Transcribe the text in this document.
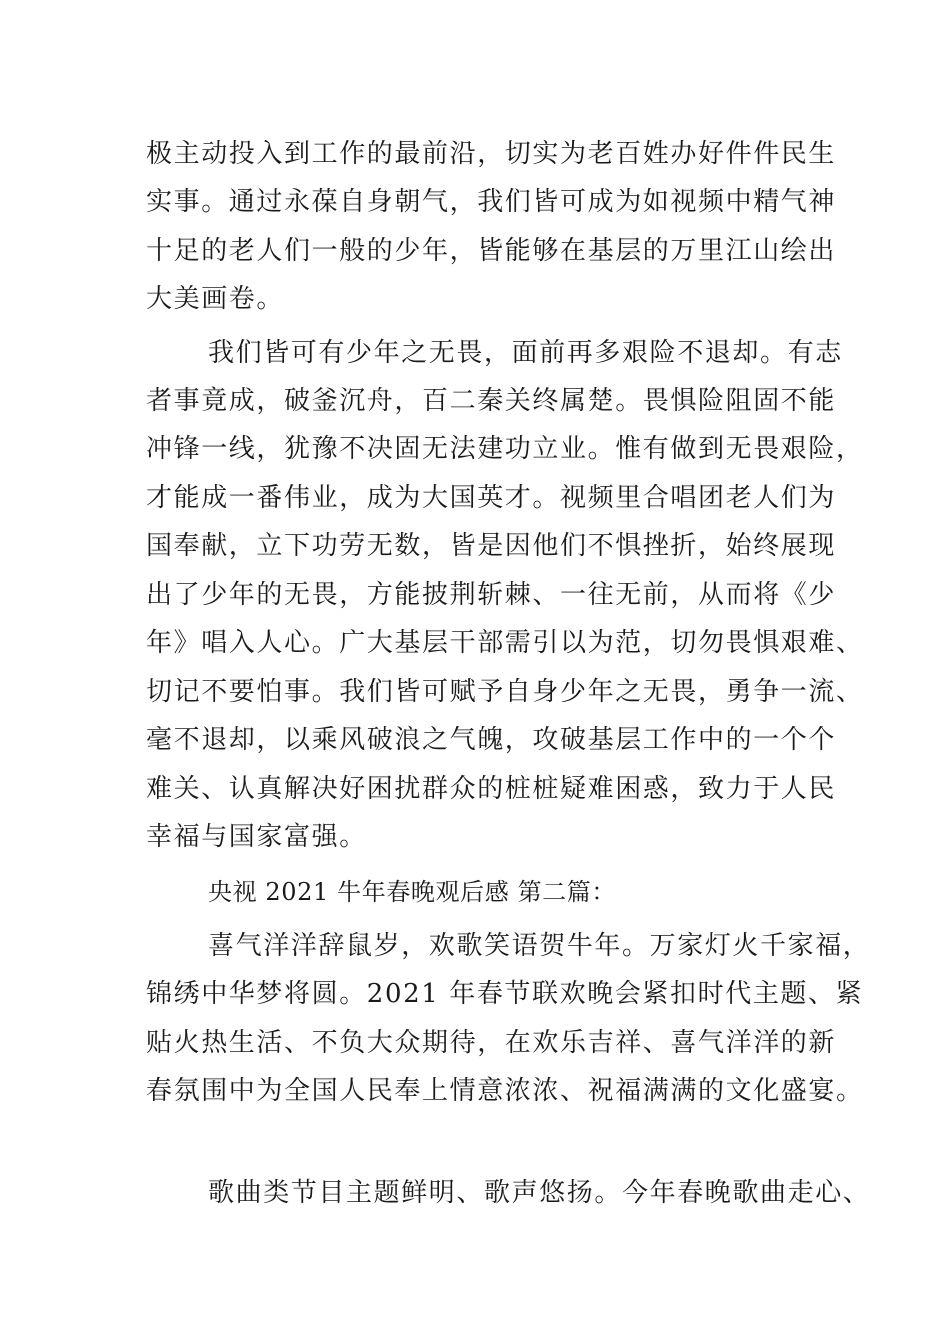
极主动投入到工作的最前沿，切实为老百姓办好件件民生
实事。通过永葆自身朝气，我们皆可成为如视频中精气神
十足的老人们一般的少年，皆能够在基层的万里江山绘出
大美画卷。
我们皆可有少年之无畏，面前再多艰险不退却。有志
者事竟成，破釜沉舟，百二秦关终属楚。畏惧险阻固不能
冲锋一线，犹豫不决固无法建功立业。惟有做到无畏艰险，
才能成一番伟业，成为大国英才。视频里合唱团老人们为
国奉献，立下功劳无数，皆是因他们不惧挫折，始终展现
出了少年的无畏，方能披荆斩棘、一往无前，从而将《少
年》唱入人心。广大基层干部需引以为范，切勿畏惧艰难、
切记不要怕事。我们皆可赋予自身少年之无畏，勇争一流、
毫不退却，以乘风破浪之气魄，攻破基层工作中的一个个
难关、认真解决好困扰群众的桩桩疑难困惑，致力于人民
幸福与国家富强。
央视 2021 牛年春晚观后感 第二篇：
喜气洋洋辞鼠岁，欢歌笑语贺牛年。万家灯火千家福，
锦绣中华梦将圆。2021 年春节联欢晚会紧扣时代主题、紧
贴火热生活、不负大众期待，在欢乐吉祥、喜气洋洋的新
春氛围中为全国人民奉上情意浓浓、祝福满满的文化盛宴。
歌曲类节目主题鲜明、歌声悠扬。今年春晚歌曲走心、
